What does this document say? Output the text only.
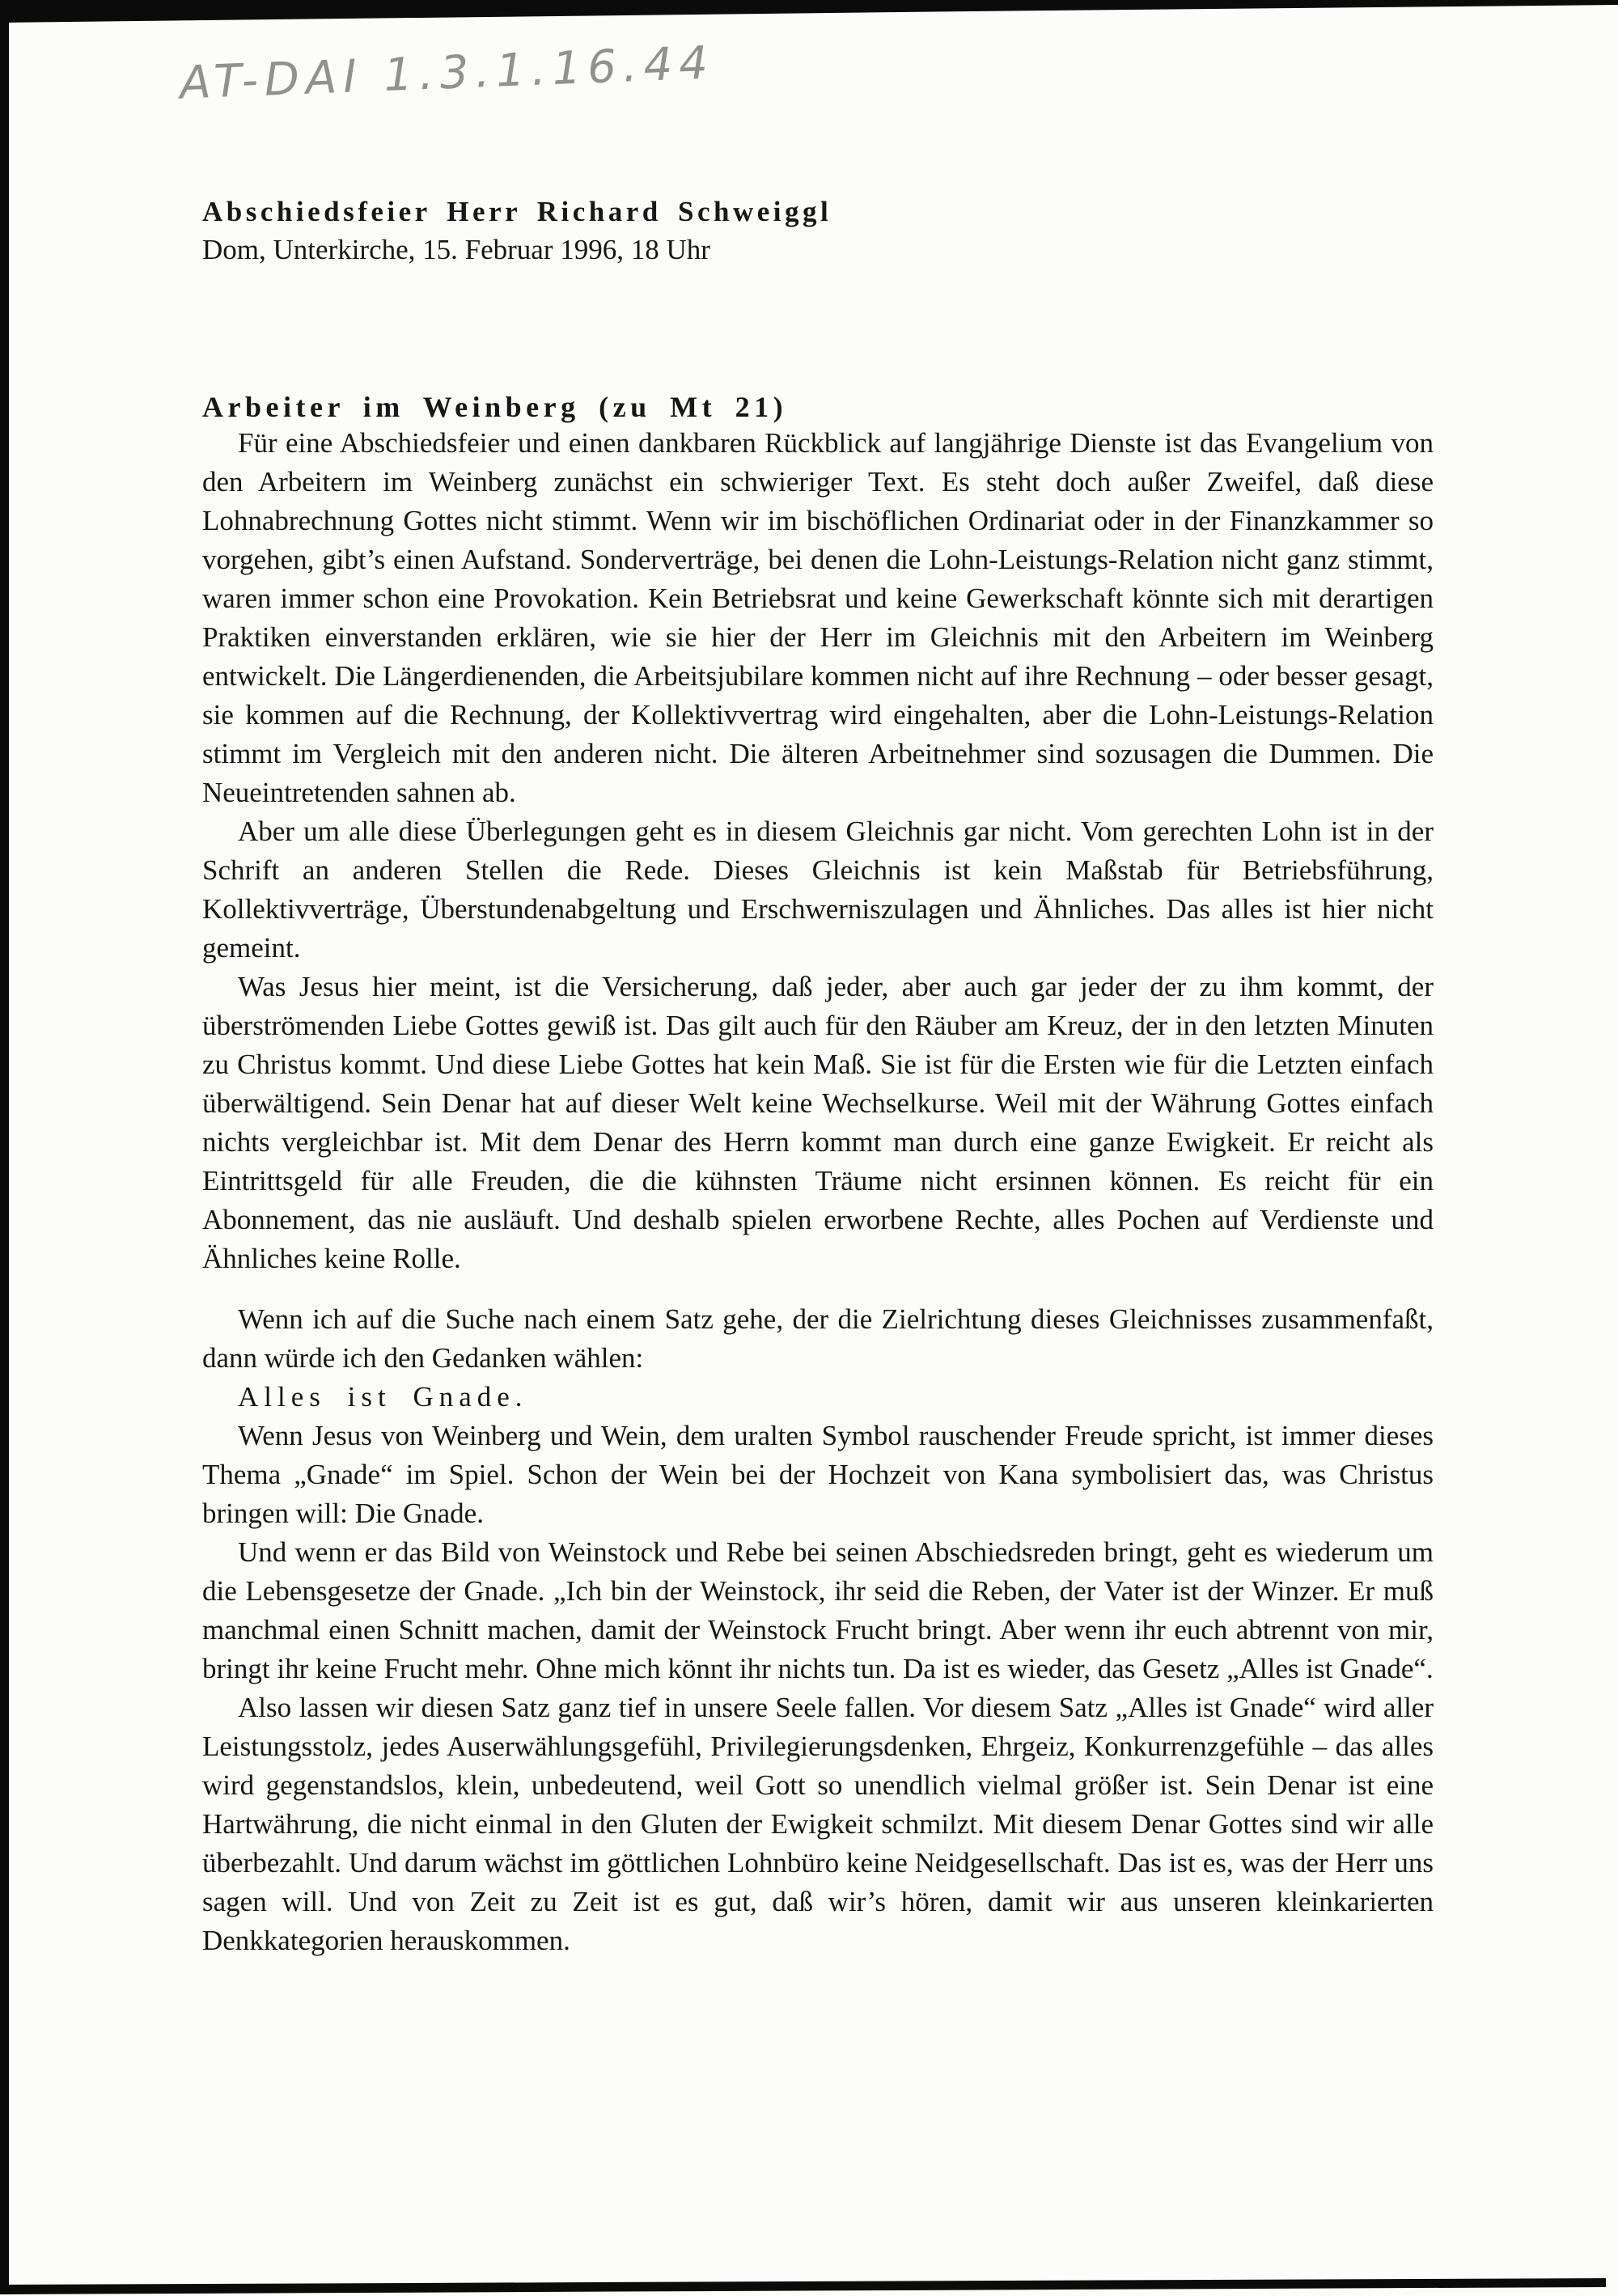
AT-DAI 1.3.1.16.44
Abschiedsfeier Herr Richard Schweiggl
Dom, Unterkirche, 15. Februar 1996, 18 Uhr
Arbeiter im Weinberg (zu Mt 21)

Für eine Abschiedsfeier und einen dankbaren Rückblick auf langjährige Dienste ist das Evangelium von den Arbeitern im Weinberg zunächst ein schwieriger Text. Es steht doch außer Zweifel, daß diese Lohnabrechnung Gottes nicht stimmt. Wenn wir im bischöflichen Ordinariat oder in der Finanzkammer so vorgehen, gibt’s einen Aufstand. Sonderverträge, bei denen die Lohn-Leistungs-Relation nicht ganz stimmt, waren immer schon eine Provokation. Kein Betriebsrat und keine Gewerkschaft könnte sich mit derartigen Praktiken einverstanden erklären, wie sie hier der Herr im Gleichnis mit den Arbeitern im Weinberg entwickelt. Die Längerdienenden, die Arbeitsjubilare kommen nicht auf ihre Rechnung – oder besser gesagt, sie kommen auf die Rechnung, der Kollektivvertrag wird eingehalten, aber die Lohn-Leistungs-Relation stimmt im Vergleich mit den anderen nicht. Die älteren Arbeitnehmer sind sozusagen die Dummen. Die Neueintretenden sahnen ab.

Aber um alle diese Überlegungen geht es in diesem Gleichnis gar nicht. Vom gerechten Lohn ist in der Schrift an anderen Stellen die Rede. Dieses Gleichnis ist kein Maßstab für Betriebsführung, Kollektivverträge, Überstundenabgeltung und Erschwerniszulagen und Ähnliches. Das alles ist hier nicht gemeint.

Was Jesus hier meint, ist die Versicherung, daß jeder, aber auch gar jeder der zu ihm kommt, der überströmenden Liebe Gottes gewiß ist. Das gilt auch für den Räuber am Kreuz, der in den letzten Minuten zu Christus kommt. Und diese Liebe Gottes hat kein Maß. Sie ist für die Ersten wie für die Letzten einfach überwältigend. Sein Denar hat auf dieser Welt keine Wechselkurse. Weil mit der Währung Gottes einfach nichts vergleichbar ist. Mit dem Denar des Herrn kommt man durch eine ganze Ewigkeit. Er reicht als Eintrittsgeld für alle Freuden, die die kühnsten Träume nicht ersinnen können. Es reicht für ein Abonnement, das nie ausläuft. Und deshalb spielen erworbene Rechte, alles Pochen auf Verdienste und Ähnliches keine Rolle.

Wenn ich auf die Suche nach einem Satz gehe, der die Zielrichtung dieses Gleichnisses zusammenfaßt, dann würde ich den Gedanken wählen:

Alles ist Gnade.

Wenn Jesus von Weinberg und Wein, dem uralten Symbol rauschender Freude spricht, ist immer dieses Thema „Gnade“ im Spiel. Schon der Wein bei der Hochzeit von Kana symbolisiert das, was Christus bringen will: Die Gnade.

Und wenn er das Bild von Weinstock und Rebe bei seinen Abschiedsreden bringt, geht es wiederum um die Lebensgesetze der Gnade. „Ich bin der Weinstock, ihr seid die Reben, der Vater ist der Winzer. Er muß manchmal einen Schnitt machen, damit der Weinstock Frucht bringt. Aber wenn ihr euch abtrennt von mir, bringt ihr keine Frucht mehr. Ohne mich könnt ihr nichts tun. Da ist es wieder, das Gesetz „Alles ist Gnade“.

Also lassen wir diesen Satz ganz tief in unsere Seele fallen. Vor diesem Satz „Alles ist Gnade“ wird aller Leistungsstolz, jedes Auserwählungsgefühl, Privilegierungsdenken, Ehrgeiz, Konkurrenzgefühle – das alles wird gegenstandslos, klein, unbedeutend, weil Gott so unendlich vielmal größer ist. Sein Denar ist eine Hartwährung, die nicht einmal in den Gluten der Ewigkeit schmilzt. Mit diesem Denar Gottes sind wir alle überbezahlt. Und darum wächst im göttlichen Lohnbüro keine Neidgesellschaft. Das ist es, was der Herr uns sagen will. Und von Zeit zu Zeit ist es gut, daß wir’s hören, damit wir aus unseren kleinkarierten Denkkategorien herauskommen.
